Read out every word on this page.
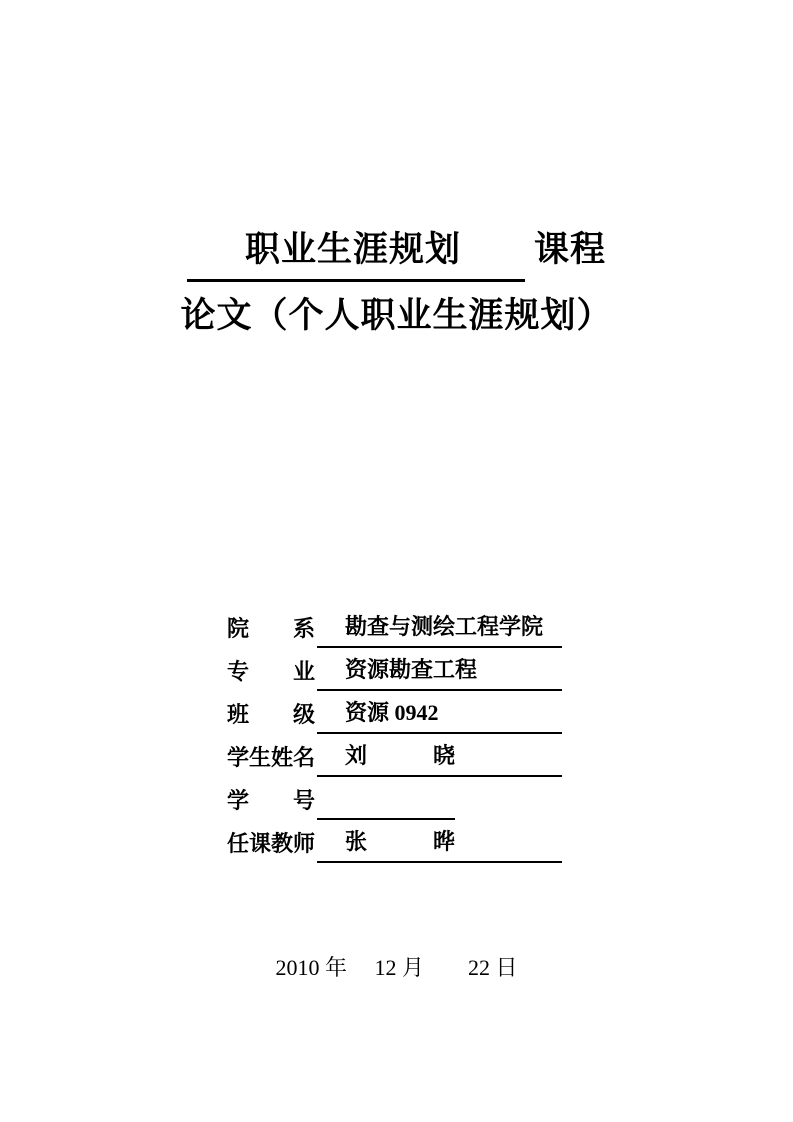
职业生涯规划 课程
论文（个人职业生涯规划）
院系	勘查与测绘工程学院
专业	资源勘查工程
班级	资源 0942
学生姓名	刘　　　晓
学号
任课教师	张　　　晔
2010 年　 12 月　　22 日
